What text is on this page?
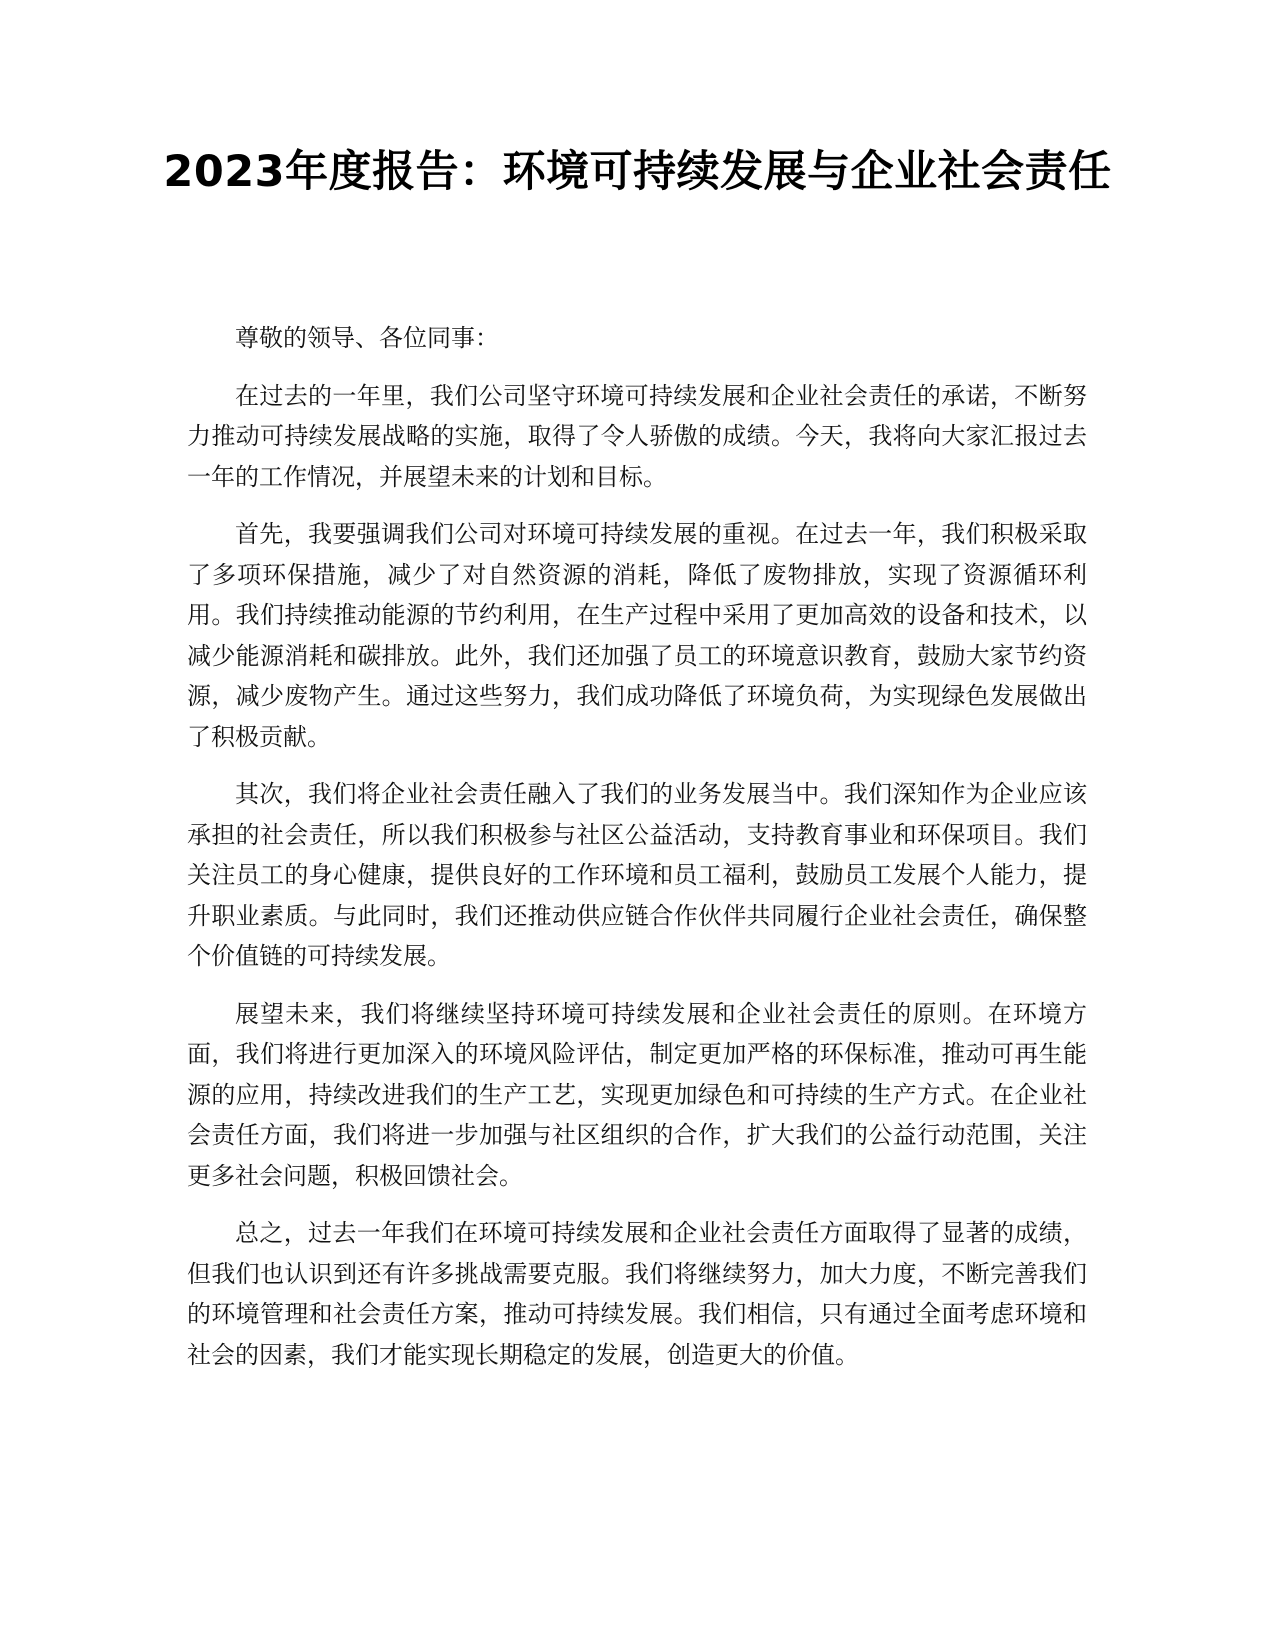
2023年度报告：环境可持续发展与企业社会责任

尊敬的领导、各位同事：

在过去的一年里，我们公司坚守环境可持续发展和企业社会责任的承诺，不断努力推动可持续发展战略的实施，取得了令人骄傲的成绩。今天，我将向大家汇报过去一年的工作情况，并展望未来的计划和目标。

首先，我要强调我们公司对环境可持续发展的重视。在过去一年，我们积极采取了多项环保措施，减少了对自然资源的消耗，降低了废物排放，实现了资源循环利用。我们持续推动能源的节约利用，在生产过程中采用了更加高效的设备和技术，以减少能源消耗和碳排放。此外，我们还加强了员工的环境意识教育，鼓励大家节约资源，减少废物产生。通过这些努力，我们成功降低了环境负荷，为实现绿色发展做出了积极贡献。

其次，我们将企业社会责任融入了我们的业务发展当中。我们深知作为企业应该承担的社会责任，所以我们积极参与社区公益活动，支持教育事业和环保项目。我们关注员工的身心健康，提供良好的工作环境和员工福利，鼓励员工发展个人能力，提升职业素质。与此同时，我们还推动供应链合作伙伴共同履行企业社会责任，确保整个价值链的可持续发展。

展望未来，我们将继续坚持环境可持续发展和企业社会责任的原则。在环境方面，我们将进行更加深入的环境风险评估，制定更加严格的环保标准，推动可再生能源的应用，持续改进我们的生产工艺，实现更加绿色和可持续的生产方式。在企业社会责任方面，我们将进一步加强与社区组织的合作，扩大我们的公益行动范围，关注更多社会问题，积极回馈社会。

总之，过去一年我们在环境可持续发展和企业社会责任方面取得了显著的成绩，但我们也认识到还有许多挑战需要克服。我们将继续努力，加大力度，不断完善我们的环境管理和社会责任方案，推动可持续发展。我们相信，只有通过全面考虑环境和社会的因素，我们才能实现长期稳定的发展，创造更大的价值。
